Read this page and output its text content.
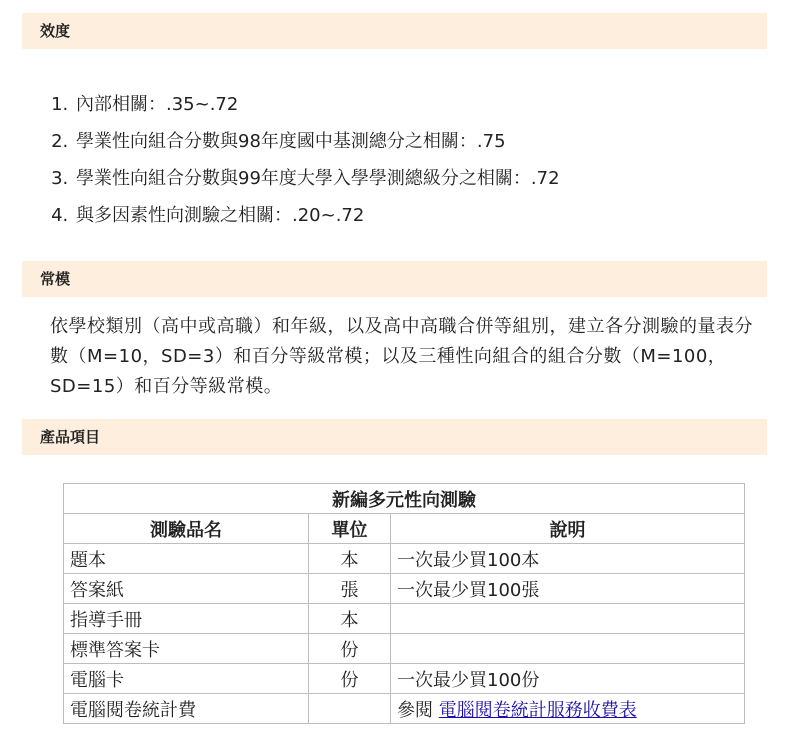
效度
1. 內部相關：.35~.72
2. 學業性向組合分數與98年度國中基測總分之相關：.75
3. 學業性向組合分數與99年度大學入學學測總級分之相關：.72
4. 與多因素性向測驗之相關：.20~.72
常模
依學校類別（高中或高職）和年級，以及高中高職合併等組別，建立各分測驗的量表分數（M=10，SD=3）和百分等級常模；以及三種性向組合的組合分數（M=100，SD=15）和百分等級常模。
產品項目
新編多元性向測驗		
測驗品名	單位	說明
題本	本	一次最少買100本
答案紙	張	一次最少買100張
指導手冊	本	
標準答案卡	份	
電腦卡	份	一次最少買100份
電腦閱卷統計費		參閱 電腦閱卷統計服務收費表
